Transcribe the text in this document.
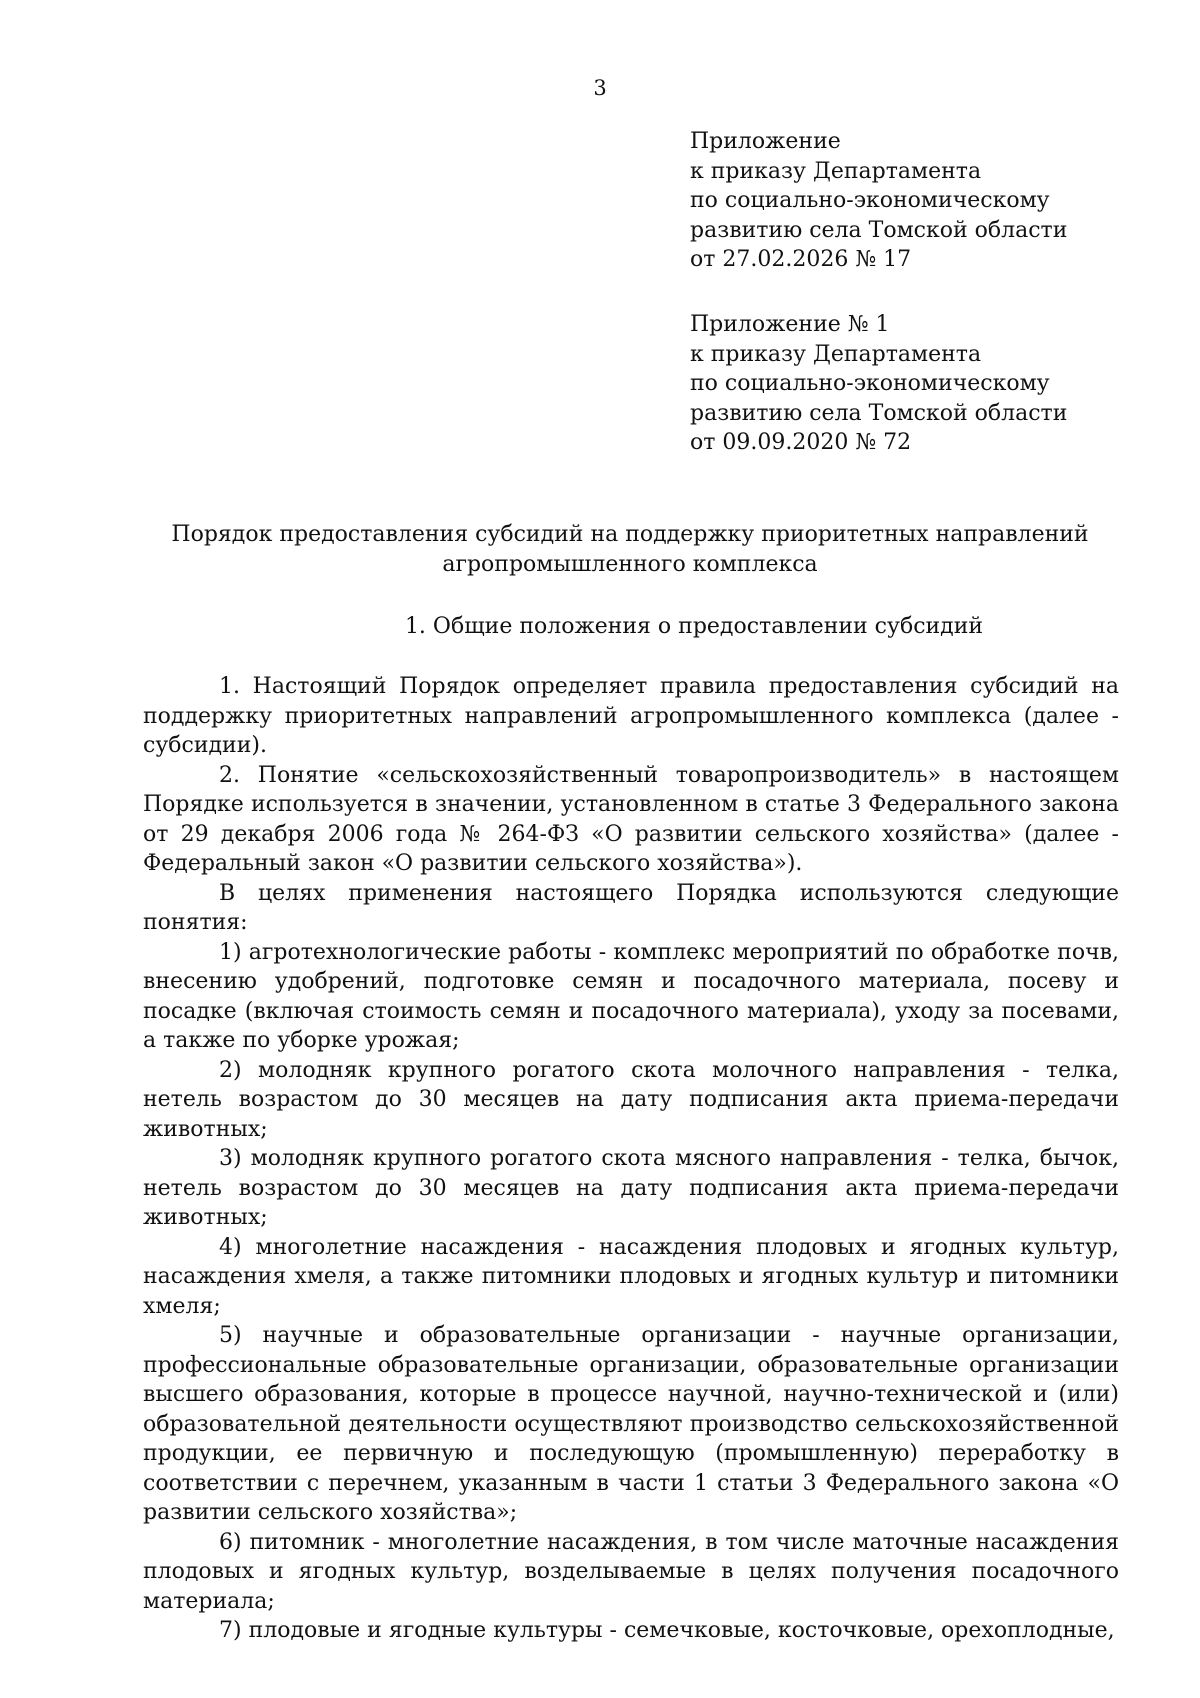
3
Приложение
к приказу Департамента
по социально-экономическому
развитию села Томской области
от 27.02.2026 № 17
Приложение № 1
к приказу Департамента
по социально-экономическому
развитию села Томской области
от 09.09.2020 № 72
Порядок предоставления субсидий на поддержку приоритетных направлений
агропромышленного комплекса
1. Общие положения о предоставлении субсидий

1. Настоящий Порядок определяет правила предоставления субсидий на поддержку приоритетных направлений агропромышленного комплекса (далее - субсидии).

2. Понятие «сельскохозяйственный товаропроизводитель» в настоящем Порядке используется в значении, установленном в статье 3 Федерального закона от 29 декабря 2006 года № 264-ФЗ «О развитии сельского хозяйства» (далее - Федеральный закон «О развитии сельского хозяйства»).

В целях применения настоящего Порядка используются следующие понятия:

1) агротехнологические работы - комплекс мероприятий по обработке почв, внесению удобрений, подготовке семян и посадочного материала, посеву и посадке (включая стоимость семян и посадочного материала), уходу за посевами, а также по уборке урожая;

2) молодняк крупного рогатого скота молочного направления - телка, нетель возрастом до 30 месяцев на дату подписания акта приема-передачи животных;

3) молодняк крупного рогатого скота мясного направления - телка, бычок, нетель возрастом до 30 месяцев на дату подписания акта приема-передачи животных;

4) многолетние насаждения - насаждения плодовых и ягодных культур, насаждения хмеля, а также питомники плодовых и ягодных культур и питомники хмеля;

5) научные и образовательные организации - научные организации, профессиональные образовательные организации, образовательные организации высшего образования, которые в процессе научной, научно-технической и (или) образовательной деятельности осуществляют производство сельскохозяйственной продукции, ее первичную и последующую (промышленную) переработку в соответствии с перечнем, указанным в части 1 статьи 3 Федерального закона «О развитии сельского хозяйства»;

6) питомник - многолетние насаждения, в том числе маточные насаждения плодовых и ягодных культур, возделываемые в целях получения посадочного материала;

7) плодовые и ягодные культуры - семечковые, косточковые, орехоплодные,
